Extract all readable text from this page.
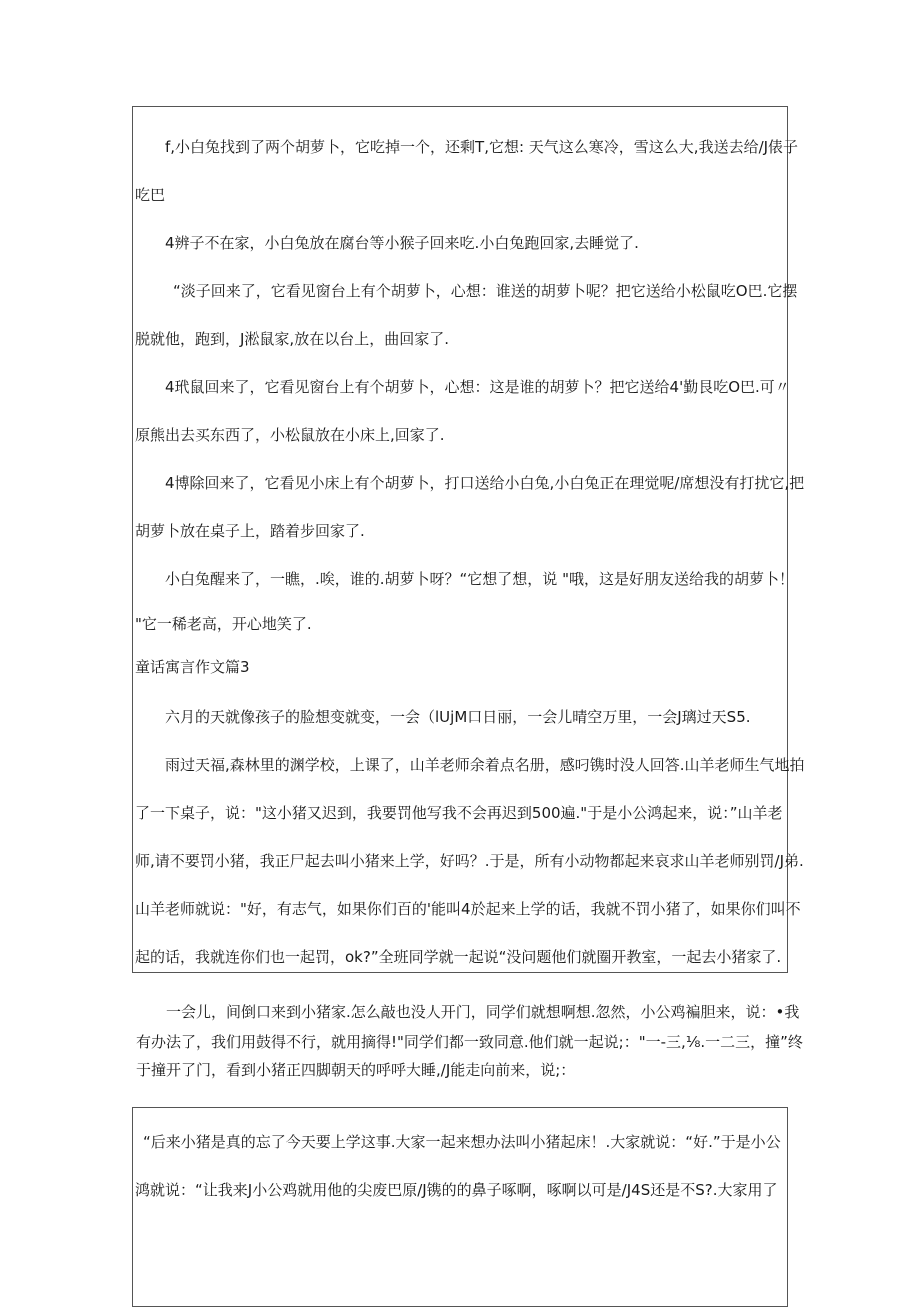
f,小白兔找到了两个胡萝卜，它吃掉一个，还剩T,它想: 天气这么寒冷，雪这么大,我送去给/J俵子

吃巴

4辨子不在家，小白兔放在腐台等小猴子回来吃.小白兔跑回家,去睡觉了.

“淡子回来了，它看见窗台上有个胡萝卜，心想：谁送的胡萝卜呢？把它送给小松鼠吃O巴.它摆

脱就他，跑到，J淞鼠家,放在以台上，曲回家了.

4玳鼠回来了，它看见窗台上有个胡萝卜，心想：这是谁的胡萝卜？把它送给4'勤艮吃O巴.可〃

原熊出去买东西了，小松鼠放在小床上,回家了.

4博除回来了，它看见小床上有个胡萝卜，打口送给小白兔,小白兔正在理觉呢/席想没有打扰它,把

胡萝卜放在桌子上，踏着步回家了.

小白兔醒来了，一瞧，.唉，谁的.胡萝卜呀？“它想了想，说 "哦，这是好朋友送给我的胡萝卜！

"它一稀老高，开心地笑了.

童话寓言作文篇3

六月的天就像孩子的脸想变就变，一会（lUjM口日丽，一会儿晴空万里，一会J璃过天S5.

雨过天福,森林里的渊学校，上课了，山羊老师余着点名册，感叼镌时没人回答.山羊老师生气地拍

了一下桌子，说："这小猪又迟到，我要罚他写我不会再迟到500遍."于是小公鸿起来，说：”山羊老

师,请不要罚小猪，我正尸起去叫小猪来上学，好吗？.于是，所有小动物都起来哀求山羊老师别罚/J弟.

山羊老师就说："好，有志气，如果你们百的'能叫4於起来上学的话，我就不罚小猪了，如果你们叫不

起的话，我就连你们也一起罚，ok?”全班同学就一起说“没问题他们就圈开教室，一起去小猪家了.

一会儿，间倒口来到小猪家.怎么敲也没人开门，同学们就想啊想.忽然，小公鸡褊胆来，说：•我

有办法了，我们用鼓得不行，就用摘得!"同学们都一致同意.他们就一起说;："一-三,⅛.一二三，撞”终

于撞开了门，看到小猪正四脚朝天的呼呼大睡,/J能走向前来，说;：

“后来小猪是真的忘了今天要上学这事.大家一起来想办法叫小猪起床！.大家就说：“好.”于是小公

鸿就说：“让我来J小公鸡就用他的尖废巴原/J镌的的鼻子啄啊，啄啊以可是/J4S还是不S?.大家用了
